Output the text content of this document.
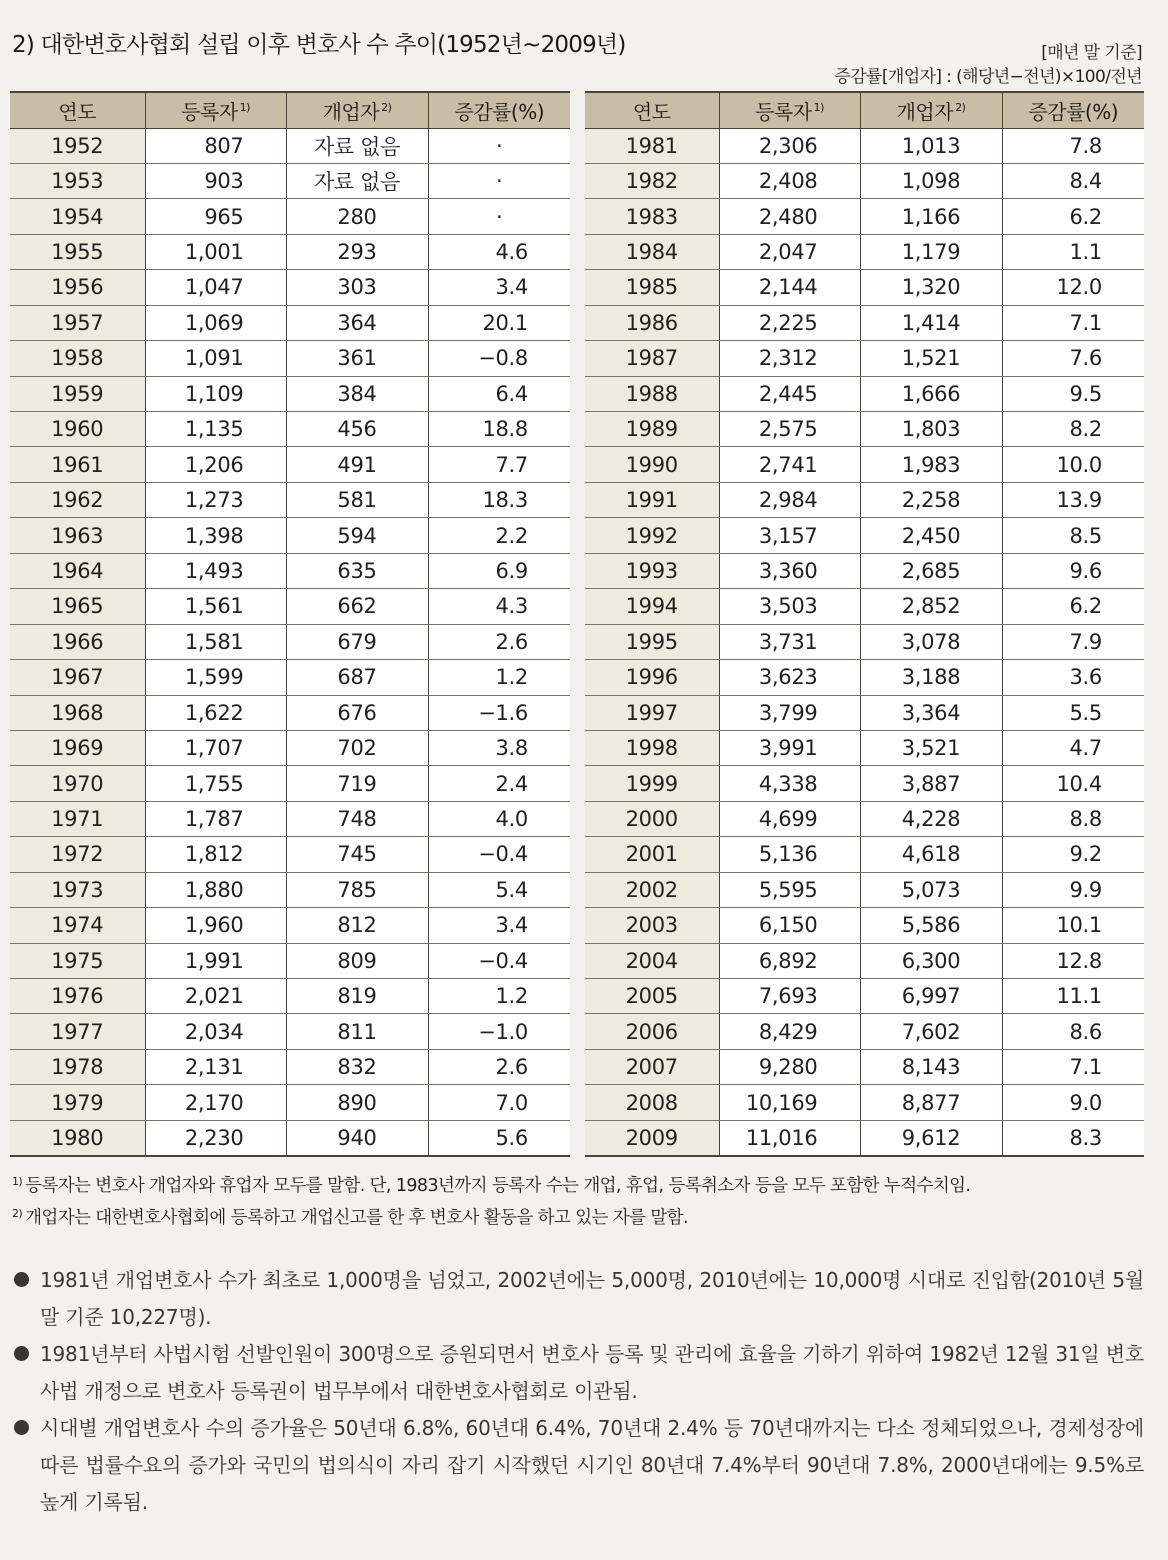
2) 대한변호사협회 설립 이후 변호사 수 추이(1952년~2009년)	[매년 말 기준]
증감률[개업자] : (해당년−전년)×100/전년
연도	등록자 $^{1)}$	개업자 $^{2)}$	증감률(%)
1952	807	자료 없음	·
1953	903	자료 없음	·
1954	965	280	·
1955	1,001	293	4.6
1956	1,047	303	3.4
1957	1,069	364	20.1
1958	1,091	361	−0.8
1959	1,109	384	6.4
1960	1,135	456	18.8
1961	1,206	491	7.7
1962	1,273	581	18.3
1963	1,398	594	2.2
1964	1,493	635	6.9
1965	1,561	662	4.3
1966	1,581	679	2.6
1967	1,599	687	1.2
1968	1,622	676	−1.6
1969	1,707	702	3.8
1970	1,755	719	2.4
1971	1,787	748	4.0
1972	1,812	745	−0.4
1973	1,880	785	5.4
1974	1,960	812	3.4
1975	1,991	809	−0.4
1976	2,021	819	1.2
1977	2,034	811	−1.0
1978	2,131	832	2.6
1979	2,170	890	7.0
1980	2,230	940	5.6
연도	등록자 $^{1)}$	개업자 $^{2)}$	증감률(%)
1981	2,306	1,013	7.8
1982	2,408	1,098	8.4
1983	2,480	1,166	6.2
1984	2,047	1,179	1.1
1985	2,144	1,320	12.0
1986	2,225	1,414	7.1
1987	2,312	1,521	7.6
1988	2,445	1,666	9.5
1989	2,575	1,803	8.2
1990	2,741	1,983	10.0
1991	2,984	2,258	13.9
1992	3,157	2,450	8.5
1993	3,360	2,685	9.6
1994	3,503	2,852	6.2
1995	3,731	3,078	7.9
1996	3,623	3,188	3.6
1997	3,799	3,364	5.5
1998	3,991	3,521	4.7
1999	4,338	3,887	10.4
2000	4,699	4,228	8.8
2001	5,136	4,618	9.2
2002	5,595	5,073	9.9
2003	6,150	5,586	10.1
2004	6,892	6,300	12.8
2005	7,693	6,997	11.1
2006	8,429	7,602	8.6
2007	9,280	8,143	7.1
2008	10,169	8,877	9.0
2009	11,016	9,612	8.3
$^{1)}$ 등록자는 변호사 개업자와 휴업자 모두를 말함. 단, 1983년까지 등록자 수는 개업, 휴업, 등록취소자 등을 모두 포함한 누적수치임.
$^{2)}$ 개업자는 대한변호사협회에 등록하고 개업신고를 한 후 변호사 활동을 하고 있는 자를 말함.
1981년 개업변호사 수가 최초로 1,000명을 넘었고, 2002년에는 5,000명, 2010년에는 10,000명 시대로 진입함(2010년 5월 말 기준 10,227명).
1981년부터 사법시험 선발인원이 300명으로 증원되면서 변호사 등록 및 관리에 효율을 기하기 위하여 1982년 12월 31일 변호사법 개정으로 변호사 등록권이 법무부에서 대한변호사협회로 이관됨.
시대별 개업변호사 수의 증가율은 50년대 6.8%, 60년대 6.4%, 70년대 2.4% 등 70년대까지는 다소 정체되었으나, 경제성장에 따른 법률수요의 증가와 국민의 법의식이 자리 잡기 시작했던 시기인 80년대 7.4%부터 90년대 7.8%, 2000년대에는 9.5%로 높게 기록됨.
